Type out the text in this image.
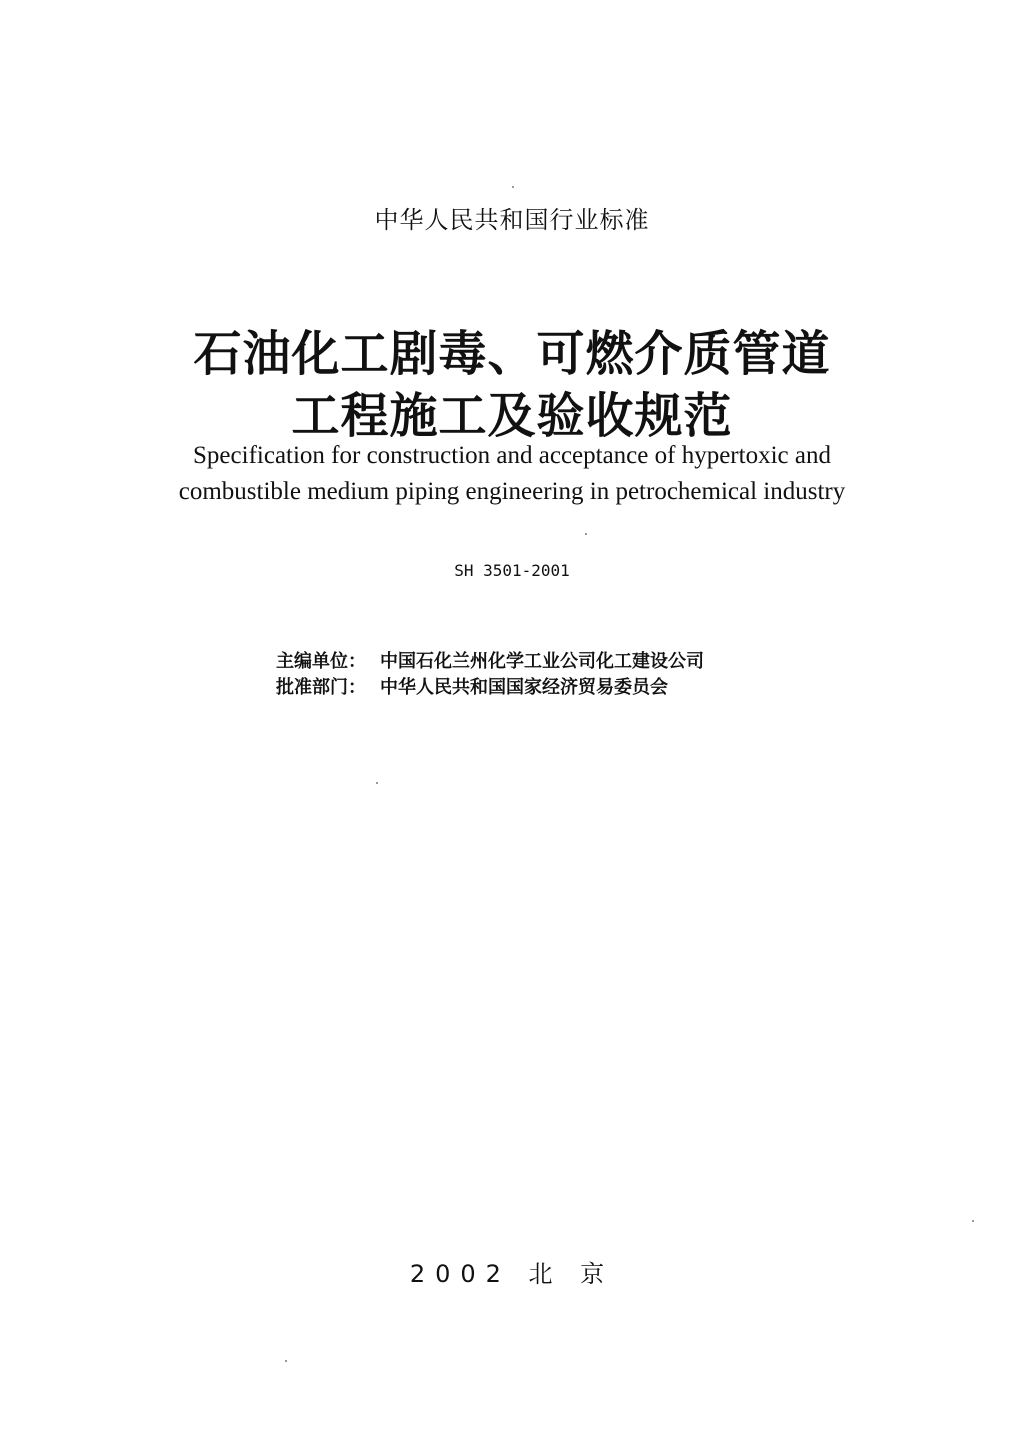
中华人民共和国行业标准
石油化工剧毒、可燃介质管道
工程施工及验收规范
Specification for construction and acceptance of hypertoxic and
combustible medium piping engineering in petrochemical industry
SH 3501-2001
主编单位： 中国石化兰州化学工业公司化工建设公司
批准部门： 中华人民共和国国家经济贸易委员会
2002 北 京
